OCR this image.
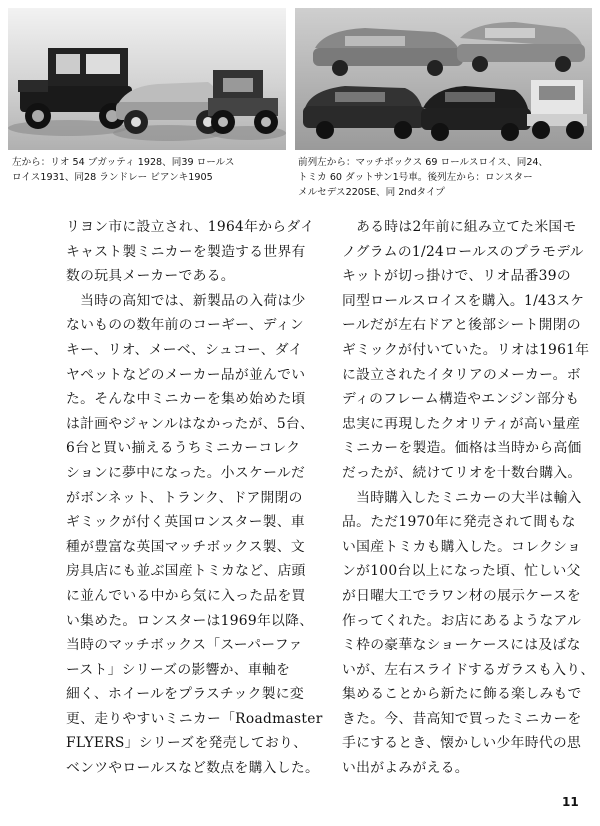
左から：リオ 54 ブガッティ 1928、同39 ロールス
ロイス1931、同28 ランドレー ビアンキ1905
前列左から：マッチボックス 69 ロールスロイス、同24、
トミカ 60 ダットサン1号車。後列左から：ロンスター
メルセデス220SE、同 2ndタイプ
リヨン市に設立され、1964年からダイ
キャスト製ミニカーを製造する世界有
数の玩具メーカーである。
　当時の高知では、新製品の入荷は少
ないものの数年前のコーギー、ディン
キー、リオ、メーベ、シュコー、ダイ
ヤペットなどのメーカー品が並んでい
た。そんな中ミニカーを集め始めた頃
は計画やジャンルはなかったが、5台、
6台と買い揃えるうちミニカーコレク
ションに夢中になった。小スケールだ
がボンネット、トランク、ドア開閉の
ギミックが付く英国ロンスター製、車
種が豊富な英国マッチボックス製、文
房具店にも並ぶ国産トミカなど、店頭
に並んでいる中から気に入った品を買
い集めた。ロンスターは1969年以降、
当時のマッチボックス「スーパーファ
ースト」シリーズの影響か、車軸を
細く、ホイールをプラスチック製に変
更、走りやすいミニカー「Roadmaster
FLYERS」シリーズを発売しており、
ベンツやロールスなど数点を購入した。
　ある時は2年前に組み立てた米国モ
ノグラムの1/24ロールスのプラモデル
キットが切っ掛けで、リオ品番39の
同型ロールスロイスを購入。1/43スケ
ールだが左右ドアと後部シート開閉の
ギミックが付いていた。リオは1961年
に設立されたイタリアのメーカー。ボ
ディのフレーム構造やエンジン部分も
忠実に再現したクオリティが高い量産
ミニカーを製造。価格は当時から高価
だったが、続けてリオを十数台購入。
　当時購入したミニカーの大半は輸入
品。ただ1970年に発売されて間もな
い国産トミカも購入した。コレクショ
ンが100台以上になった頃、忙しい父
が日曜大工でラワン材の展示ケースを
作ってくれた。お店にあるようなアル
ミ枠の豪華なショーケースには及ばな
いが、左右スライドするガラスも入り、
集めることから新たに飾る楽しみもで
きた。今、昔高知で買ったミニカーを
手にするとき、懐かしい少年時代の思
い出がよみがえる。
11
